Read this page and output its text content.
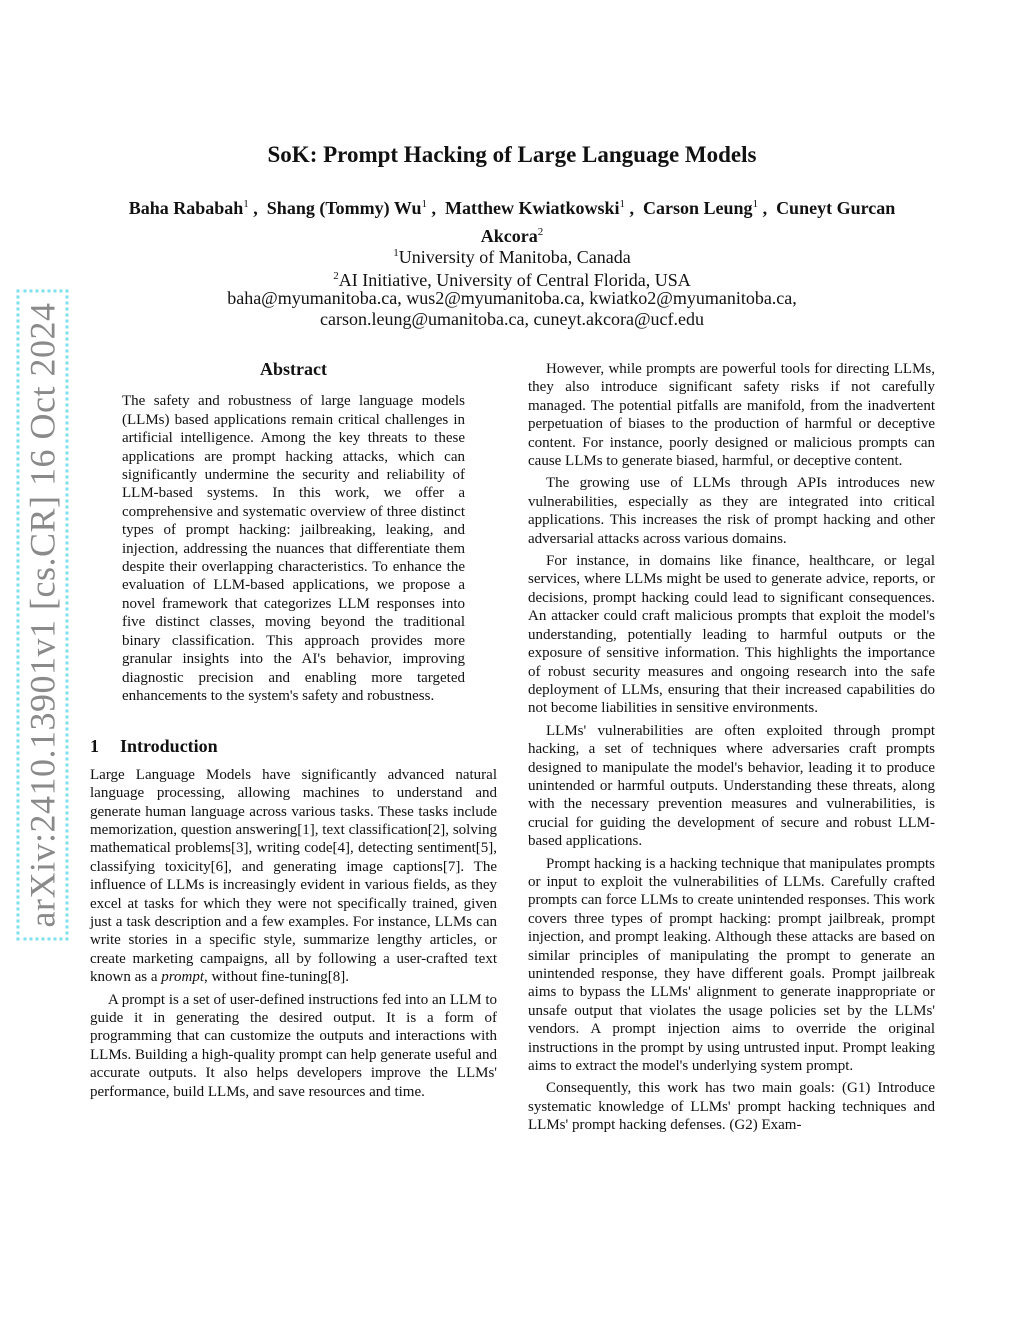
arXiv:2410.13901v1 [cs.CR] 16 Oct 2024
SoK: Prompt Hacking of Large Language Models
Baha Rababah$^1$ ,  Shang (Tommy) Wu$^1$ ,  Matthew Kwiatkowski$^1$ ,  Carson Leung$^1$ ,  Cuneyt Gurcan Akcora$^2$
$^1$University of Manitoba, Canada
$^2$AI Initiative, University of Central Florida, USA
baha@myumanitoba.ca, wus2@myumanitoba.ca, kwiatko2@myumanitoba.ca,
carson.leung@umanitoba.ca, cuneyt.akcora@ucf.edu
Abstract
The safety and robustness of large language models (LLMs) based applications remain critical challenges in artificial intelligence. Among the key threats to these applications are prompt hacking attacks, which can significantly undermine the security and reliability of LLM-based systems. In this work, we offer a comprehensive and systematic overview of three distinct types of prompt hacking: jailbreaking, leaking, and injection, addressing the nuances that differentiate them despite their overlapping characteristics. To enhance the evaluation of LLM-based applications, we propose a novel framework that categorizes LLM responses into five distinct classes, moving beyond the traditional binary classification. This approach provides more granular insights into the AI's behavior, improving diagnostic precision and enabling more targeted enhancements to the system's safety and robustness.
1 Introduction

Large Language Models have significantly advanced natural language processing, allowing machines to understand and generate human language across various tasks. These tasks include memorization, question answering[1], text classification[2], solving mathematical problems[3], writing code[4], detecting sentiment[5], classifying toxicity[6], and generating image captions[7]. The influence of LLMs is increasingly evident in various fields, as they excel at tasks for which they were not specifically trained, given just a task description and a few examples. For instance, LLMs can write stories in a specific style, summarize lengthy articles, or create marketing campaigns, all by following a user-crafted text known as a prompt, without fine-tuning[8].

A prompt is a set of user-defined instructions fed into an LLM to guide it in generating the desired output. It is a form of programming that can customize the outputs and interactions with LLMs. Building a high-quality prompt can help generate useful and accurate outputs. It also helps developers improve the LLMs' performance, build LLMs, and save resources and time.

However, while prompts are powerful tools for directing LLMs, they also introduce significant safety risks if not carefully managed. The potential pitfalls are manifold, from the inadvertent perpetuation of biases to the production of harmful or deceptive content. For instance, poorly designed or malicious prompts can cause LLMs to generate biased, harmful, or deceptive content.

The growing use of LLMs through APIs introduces new vulnerabilities, especially as they are integrated into critical applications. This increases the risk of prompt hacking and other adversarial attacks across various domains.

For instance, in domains like finance, healthcare, or legal services, where LLMs might be used to generate advice, reports, or decisions, prompt hacking could lead to significant consequences. An attacker could craft malicious prompts that exploit the model's understanding, potentially leading to harmful outputs or the exposure of sensitive information. This highlights the importance of robust security measures and ongoing research into the safe deployment of LLMs, ensuring that their increased capabilities do not become liabilities in sensitive environments.

LLMs' vulnerabilities are often exploited through prompt hacking, a set of techniques where adversaries craft prompts designed to manipulate the model's behavior, leading it to produce unintended or harmful outputs. Understanding these threats, along with the necessary prevention measures and vulnerabilities, is crucial for guiding the development of secure and robust LLM-based applications.

Prompt hacking is a hacking technique that manipulates prompts or input to exploit the vulnerabilities of LLMs. Carefully crafted prompts can force LLMs to create unintended responses. This work covers three types of prompt hacking: prompt jailbreak, prompt injection, and prompt leaking. Although these attacks are based on similar principles of manipulating the prompt to generate an unintended response, they have different goals. Prompt jailbreak aims to bypass the LLMs' alignment to generate inappropriate or unsafe output that violates the usage policies set by the LLMs' vendors. A prompt injection aims to override the original instructions in the prompt by using untrusted input. Prompt leaking aims to extract the model's underlying system prompt.

Consequently, this work has two main goals: (G1) Introduce systematic knowledge of LLMs' prompt hacking techniques and LLMs' prompt hacking defenses. (G2) Exam-
